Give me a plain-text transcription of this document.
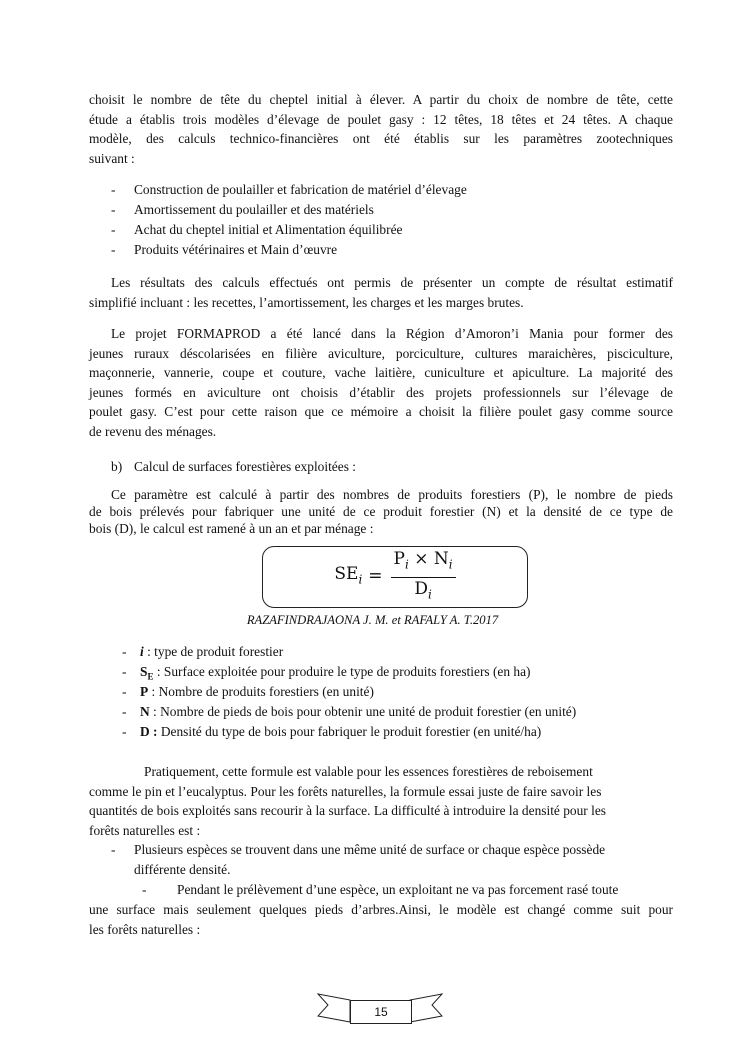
choisit le nombre de tête du cheptel initial à élever. A partir du choix de nombre de tête, cette
étude a établis trois modèles d’élevage de poulet gasy : 12 têtes, 18 têtes et 24 têtes. A chaque
modèle, des calculs technico-financières ont été établis sur les paramètres zootechniques
suivant :
- Construction de poulailler et fabrication de matériel d’élevage
- Amortissement du poulailler et des matériels
- Achat du cheptel initial et Alimentation équilibrée
- Produits vétérinaires et Main d’œuvre
Les résultats des calculs effectués ont permis de présenter un compte de résultat estimatif
simplifié incluant : les recettes, l’amortissement, les charges et les marges brutes.
Le projet FORMAPROD a été lancé dans la Région d’Amoron’i Mania pour former des
jeunes ruraux déscolarisées en filière aviculture, porciculture, cultures maraichères, pisciculture,
maçonnerie, vannerie, coupe et couture, vache laitière, cuniculture et apiculture. La majorité des
jeunes formés en aviculture ont choisis d’établir des projets professionnels sur l’élevage de
poulet gasy. C’est pour cette raison que ce mémoire a choisit la filière poulet gasy comme source
de revenu des ménages.
b) Calcul de surfaces forestières exploitées :
Ce paramètre est calculé à partir des nombres de produits forestiers (P), le nombre de pieds
de bois prélevés pour fabriquer une unité de ce produit forestier (N) et la densité de ce type de
bois (D), le calcul est ramené à un an et par ménage :
$SE_i = \frac{P_i \times N_i}{D_i}$
RAZAFINDRAJAONA J. M. et RAFALY A. T.2017
- i : type de produit forestier
- $S_E$ : Surface exploitée pour produire le type de produits forestiers (en ha)
- P : Nombre de produits forestiers (en unité)
- N : Nombre de pieds de bois pour obtenir une unité de produit forestier (en unité)
- D : Densité du type de bois pour fabriquer le produit forestier (en unité/ha)
Pratiquement, cette formule est valable pour les essences forestières de reboisement
comme le pin et l’eucalyptus. Pour les forêts naturelles, la formule essai juste de faire savoir les
quantités de bois exploités sans recourir à la surface. La difficulté à introduire la densité pour les
forêts naturelles est :
- Plusieurs espèces se trouvent dans une même unité de surface or chaque espèce possède
différente densité.
- Pendant le prélèvement d’une espèce, un exploitant ne va pas forcement rasé toute
une surface mais seulement quelques pieds d’arbres.Ainsi, le modèle est changé comme suit pour
les forêts naturelles :
15
